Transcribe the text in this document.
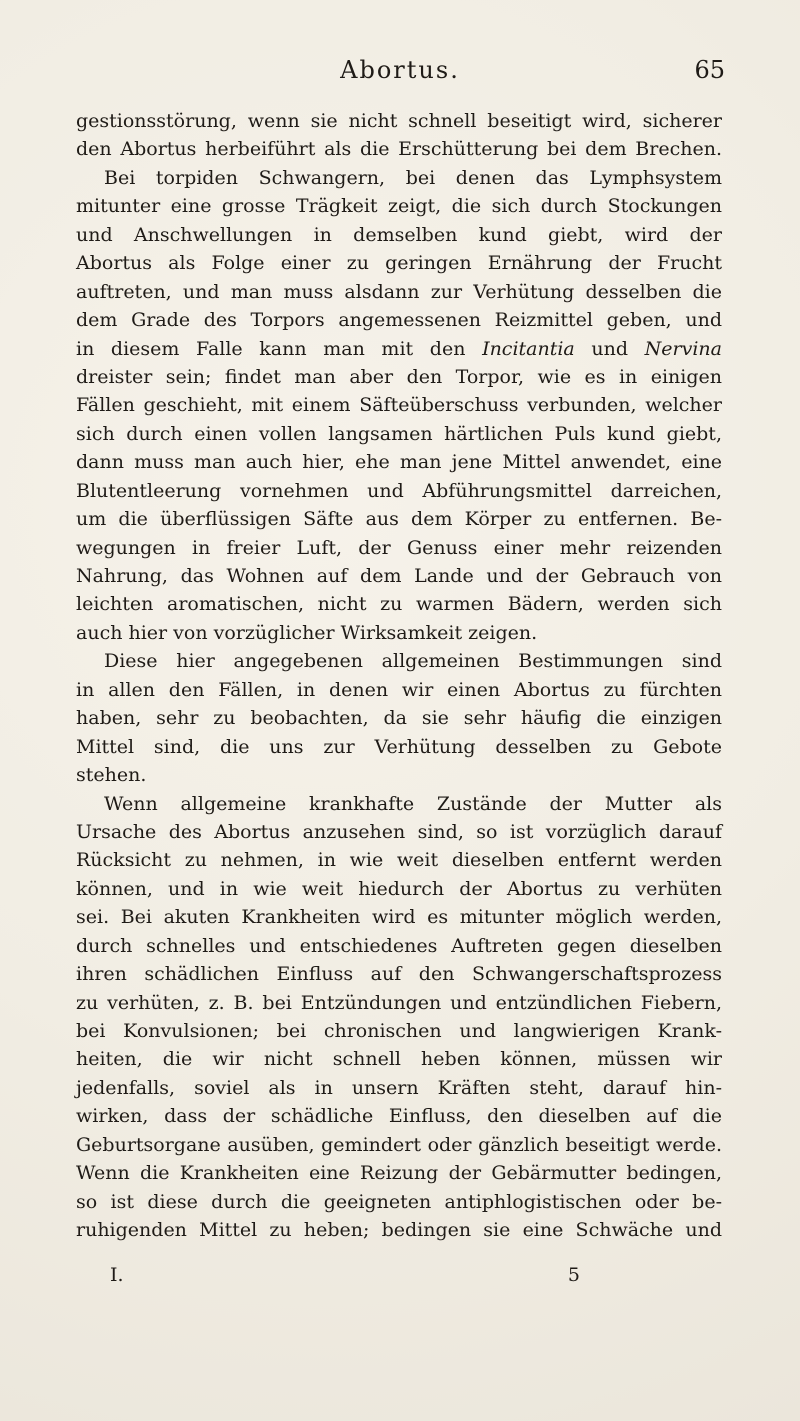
Abortus.	65
gestionsstörung, wenn sie nicht schnell beseitigt wird, sicherer
den Abortus herbeiführt als die Erschütterung bei dem Brechen.
Bei torpiden Schwangern, bei denen das Lymphsystem
mitunter eine grosse Trägkeit zeigt, die sich durch Stockungen
und Anschwellungen in demselben kund giebt, wird der
Abortus als Folge einer zu geringen Ernährung der Frucht
auftreten, und man muss alsdann zur Verhütung desselben die
dem Grade des Torpors angemessenen Reizmittel geben, und
in diesem Falle kann man mit den Incitantia und Nervina
dreister sein; findet man aber den Torpor, wie es in einigen
Fällen geschieht, mit einem Säfteüberschuss verbunden, welcher
sich durch einen vollen langsamen härtlichen Puls kund giebt,
dann muss man auch hier, ehe man jene Mittel anwendet, eine
Blutentleerung vornehmen und Abführungsmittel darreichen,
um die überflüssigen Säfte aus dem Körper zu entfernen. Be-
wegungen in freier Luft, der Genuss einer mehr reizenden
Nahrung, das Wohnen auf dem Lande und der Gebrauch von
leichten aromatischen, nicht zu warmen Bädern, werden sich
auch hier von vorzüglicher Wirksamkeit zeigen.
Diese hier angegebenen allgemeinen Bestimmungen sind
in allen den Fällen, in denen wir einen Abortus zu fürchten
haben, sehr zu beobachten, da sie sehr häufig die einzigen
Mittel sind, die uns zur Verhütung desselben zu Gebote
stehen.
Wenn allgemeine krankhafte Zustände der Mutter als
Ursache des Abortus anzusehen sind, so ist vorzüglich darauf
Rücksicht zu nehmen, in wie weit dieselben entfernt werden
können, und in wie weit hiedurch der Abortus zu verhüten
sei. Bei akuten Krankheiten wird es mitunter möglich werden,
durch schnelles und entschiedenes Auftreten gegen dieselben
ihren schädlichen Einfluss auf den Schwangerschaftsprozess
zu verhüten, z. B. bei Entzündungen und entzündlichen Fiebern,
bei Konvulsionen; bei chronischen und langwierigen Krank-
heiten, die wir nicht schnell heben können, müssen wir
jedenfalls, soviel als in unsern Kräften steht, darauf hin-
wirken, dass der schädliche Einfluss, den dieselben auf die
Geburtsorgane ausüben, gemindert oder gänzlich beseitigt werde.
Wenn die Krankheiten eine Reizung der Gebärmutter bedingen,
so ist diese durch die geeigneten antiphlogistischen oder be-
ruhigenden Mittel zu heben; bedingen sie eine Schwäche und
I.	5
